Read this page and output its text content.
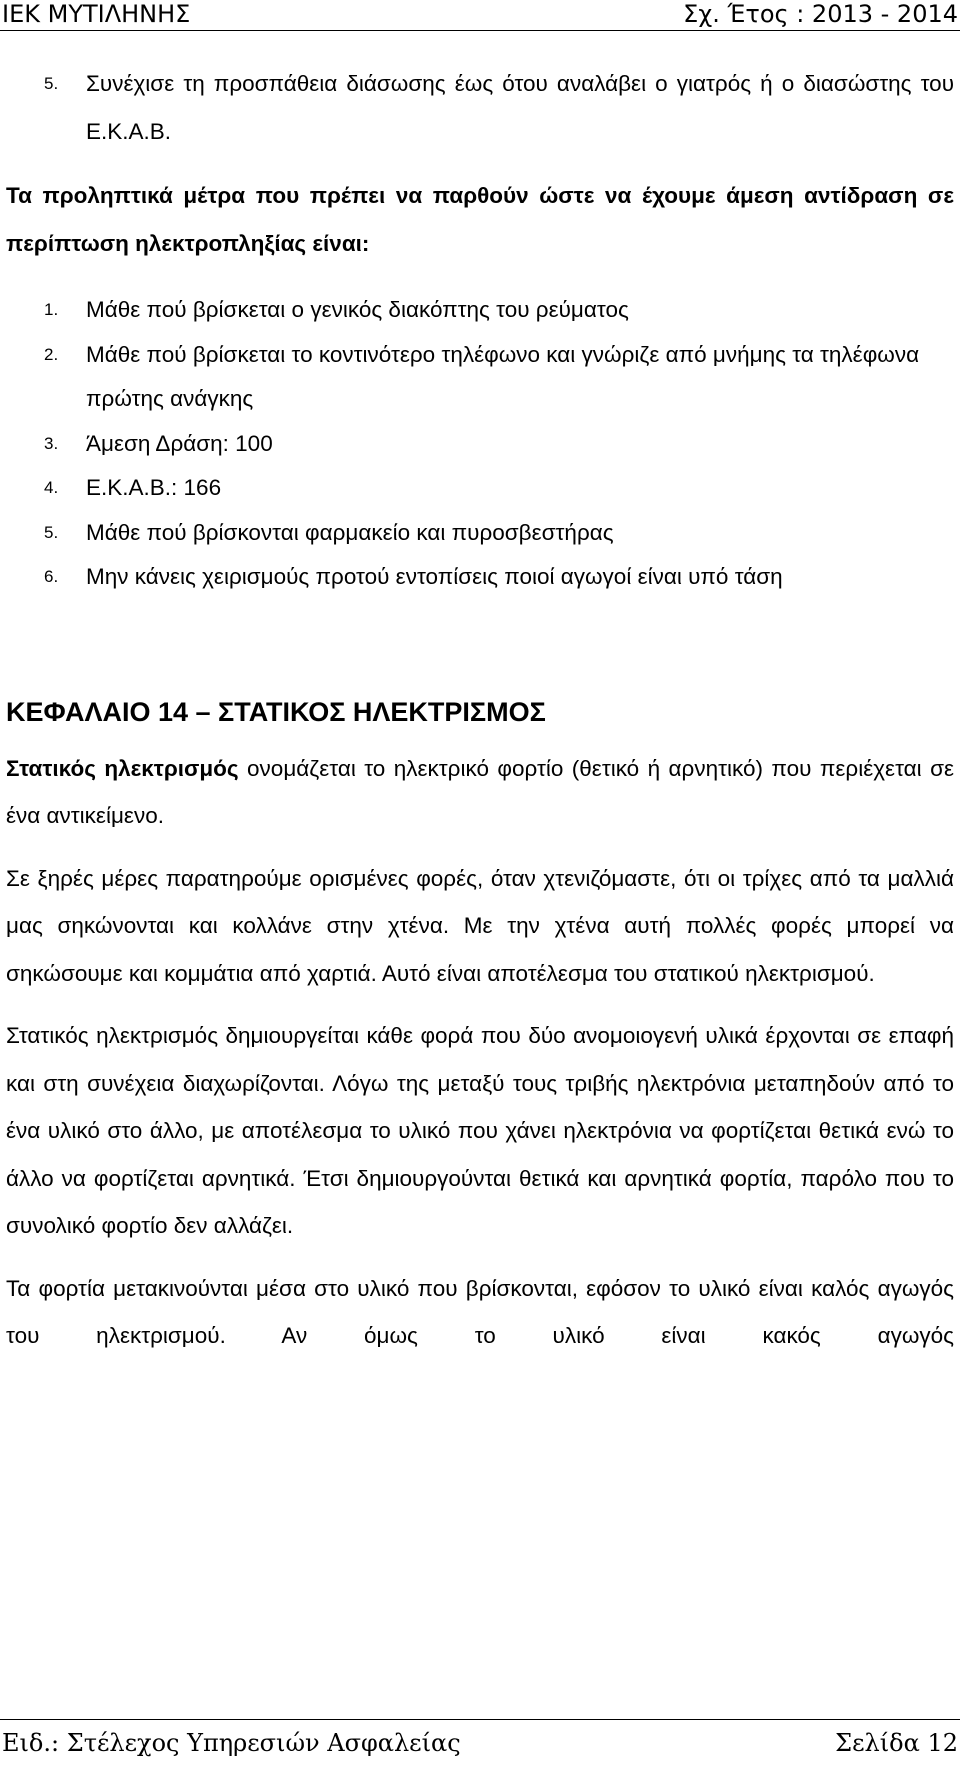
ΙΕΚ ΜΥΤΙΛΗΝΗΣ	Σχ. Έτος : 2013 - 2014
5. Συνέχισε τη προσπάθεια διάσωσης έως ότου αναλάβει ο γιατρός ή ο διασώστης του Ε.Κ.Α.Β.
Τα προληπτικά μέτρα που πρέπει να παρθούν ώστε να έχουμε άμεση αντίδραση σε περίπτωση ηλεκτροπληξίας είναι:
1. Μάθε πού βρίσκεται ο γενικός διακόπτης του ρεύματος
2. Μάθε πού βρίσκεται το κοντινότερο τηλέφωνο και γνώριζε από μνήμης τα τηλέφωνα πρώτης ανάγκης
3. Άμεση Δράση: 100
4. Ε.Κ.Α.Β.: 166
5. Μάθε πού βρίσκονται φαρμακείο και πυροσβεστήρας
6. Μην κάνεις χειρισμούς προτού εντοπίσεις ποιοί αγωγοί είναι υπό τάση
ΚΕΦΑΛΑΙΟ 14 – ΣΤΑΤΙΚΟΣ ΗΛΕΚΤΡΙΣΜΟΣ

Στατικός ηλεκτρισμός ονομάζεται το ηλεκτρικό φορτίο (θετικό ή αρνητικό) που περιέχεται σε ένα αντικείμενο.

Σε ξηρές μέρες παρατηρούμε ορισμένες φορές, όταν χτενιζόμαστε, ότι οι τρίχες από τα μαλλιά μας σηκώνονται και κολλάνε στην χτένα. Με την χτένα αυτή πολλές φορές μπορεί να σηκώσουμε και κομμάτια από χαρτιά. Αυτό είναι αποτέλεσμα του στατικού ηλεκτρισμού.

Στατικός ηλεκτρισμός δημιουργείται κάθε φορά που δύο ανομοιογενή υλικά έρχονται σε επαφή και στη συνέχεια διαχωρίζονται. Λόγω της μεταξύ τους τριβής ηλεκτρόνια μεταπηδούν από το ένα υλικό στο άλλο, με αποτέλεσμα το υλικό που χάνει ηλεκτρόνια να φορτίζεται θετικά ενώ το άλλο να φορτίζεται αρνητικά. Έτσι δημιουργούνται θετικά και αρνητικά φορτία, παρόλο που το συνολικό φορτίο δεν αλλάζει.

Τα φορτία μετακινούνται μέσα στο υλικό που βρίσκονται, εφόσον το υλικό είναι καλός αγωγός του ηλεκτρισμού. Αν όμως το υλικό είναι κακός αγωγός

Ειδ.: Στέλεχος Υπηρεσιών Ασφαλείας	Σελίδα 12
